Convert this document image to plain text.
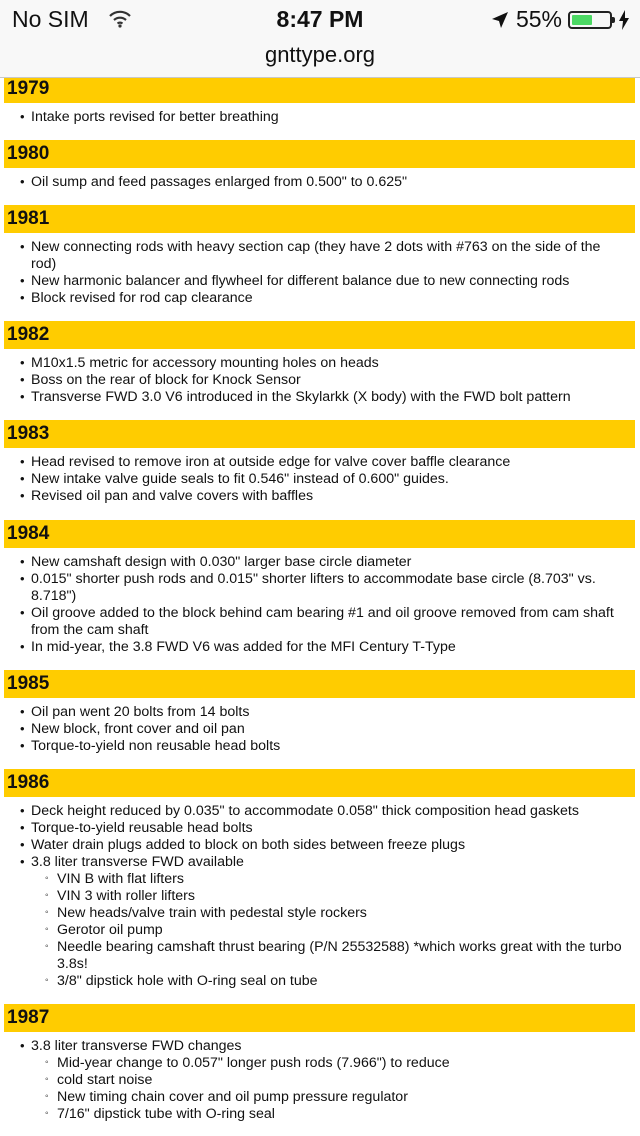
No SIM	8:47 PM	55%
gnttype.org
1979
• Intake ports revised for better breathing
1980
• Oil sump and feed passages enlarged from 0.500" to 0.625"
1981
• New connecting rods with heavy section cap (they have 2 dots with #763 on the side of the
rod)
• New harmonic balancer and flywheel for different balance due to new connecting rods
• Block revised for rod cap clearance
1982
• M10x1.5 metric for accessory mounting holes on heads
• Boss on the rear of block for Knock Sensor
• Transverse FWD 3.0 V6 introduced in the Skylarkk (X body) with the FWD bolt pattern
1983
• Head revised to remove iron at outside edge for valve cover baffle clearance
• New intake valve guide seals to fit 0.546" instead of 0.600" guides.
• Revised oil pan and valve covers with baffles
1984
• New camshaft design with 0.030" larger base circle diameter
• 0.015" shorter push rods and 0.015" shorter lifters to accommodate base circle (8.703" vs.
8.718")
• Oil groove added to the block behind cam bearing #1 and oil groove removed from cam shaft
from the cam shaft
• In mid-year, the 3.8 FWD V6 was added for the MFI Century T-Type
1985
• Oil pan went 20 bolts from 14 bolts
• New block, front cover and oil pan
• Torque-to-yield non reusable head bolts
1986
• Deck height reduced by 0.035" to accommodate 0.058" thick composition head gaskets
• Torque-to-yield reusable head bolts
• Water drain plugs added to block on both sides between freeze plugs
• 3.8 liter transverse FWD available
◦ VIN B with flat lifters
◦ VIN 3 with roller lifters
◦ New heads/valve train with pedestal style rockers
◦ Gerotor oil pump
◦ Needle bearing camshaft thrust bearing (P/N 25532588) *which works great with the turbo
3.8s!
◦ 3/8" dipstick hole with O-ring seal on tube
1987
• 3.8 liter transverse FWD changes
◦ Mid-year change to 0.057" longer push rods (7.966") to reduce
◦ cold start noise
◦ New timing chain cover and oil pump pressure regulator
◦ 7/16" dipstick tube with O-ring seal
